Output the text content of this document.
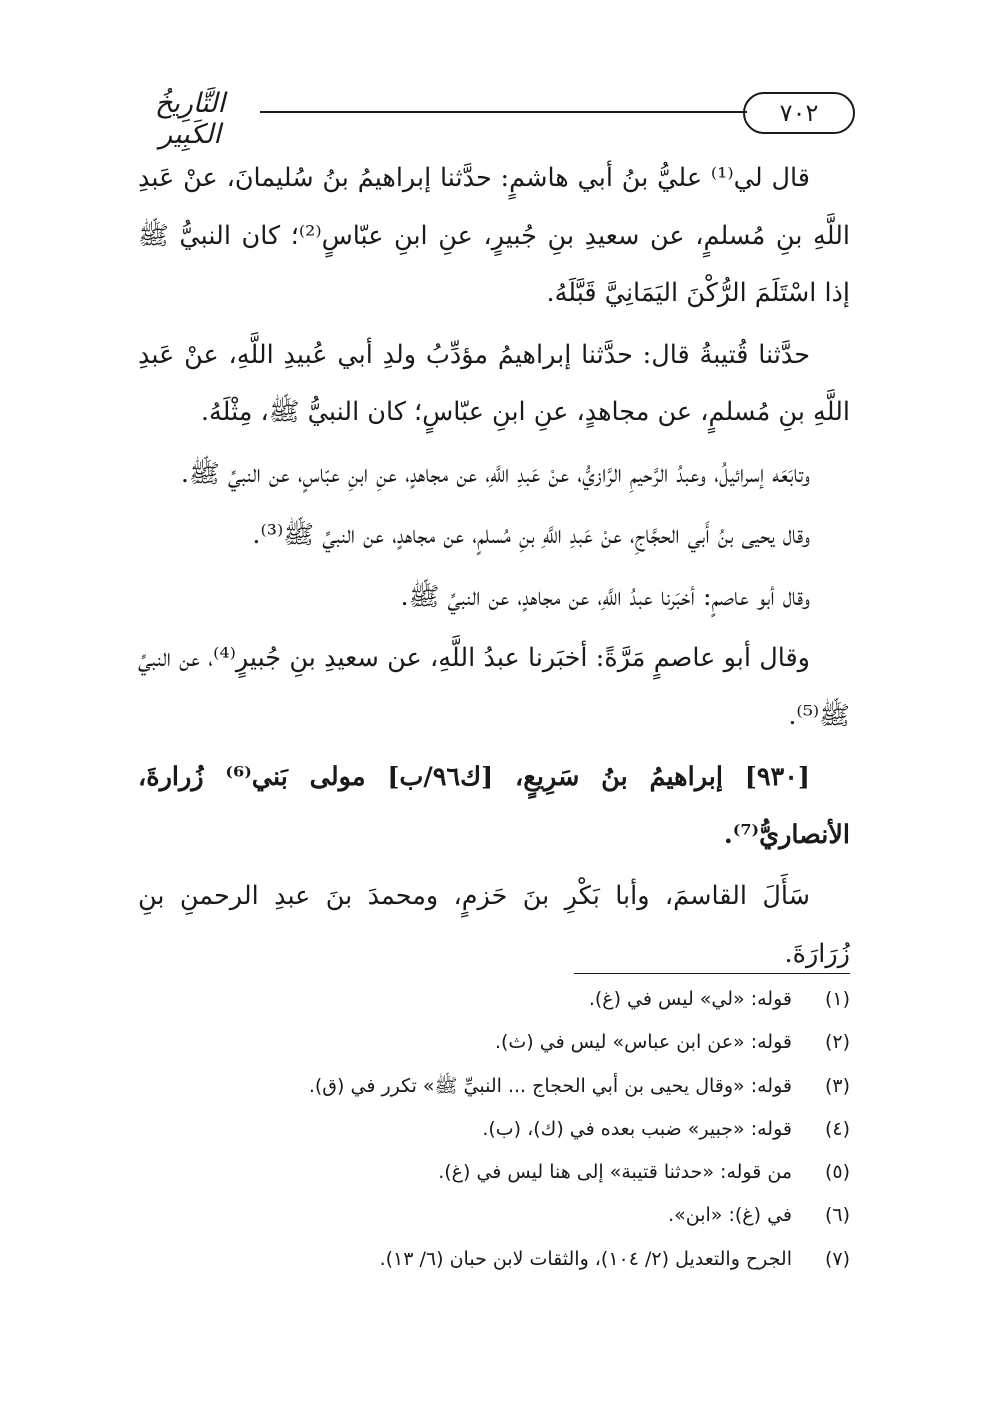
٧٠٢
التَّارِيخُ الكَبِير

قال لي⁽¹⁾ عليُّ بنُ أبي هاشمٍ: حدَّثنا إبراهيمُ بنُ سُليمانَ، عنْ عَبدِ اللَّهِ بنِ مُسلمٍ، عن سعيدِ بنِ جُبيرٍ، عنِ ابنِ عبّاسٍ⁽²⁾؛ كان النبيُّ ﷺ إذا اسْتَلَمَ الرُّكْنَ اليَمَانِيَّ قَبَّلَهُ.

حدَّثنا قُتيبةُ قال: حدَّثنا إبراهيمُ مؤدِّبُ ولدِ أبي عُبيدِ اللَّهِ، عنْ عَبدِ اللَّهِ بنِ مُسلمٍ، عن مجاهدٍ، عنِ ابنِ عبّاسٍ؛ كان النبيُّ ﷺ، مِثْلَهُ.

وتابَعَه إسرائيلُ، وعبدُ الرَّحيمِ الرَّازيُّ، عنْ عَبدِ اللَّهِ، عن مجاهدٍ، عنِ ابنِ عبّاسٍ، عن النبيِّ ﷺ.

وقال يحيى بنُ أَبي الحجَّاجِ، عنْ عَبدِ اللَّهِ بنِ مُسلمٍ، عن مجاهدٍ، عن النبيِّ ﷺ⁽³⁾.

وقال أبو عاصمٍ: أخبَرنا عبدُ اللَّهِ، عن مجاهدٍ، عن النبيِّ ﷺ.

وقال أبو عاصمٍ مَرَّةً: أخبَرنا عبدُ اللَّهِ، عن سعيدِ بنِ جُبيرٍ⁽⁴⁾، عن النبيِّ ﷺ⁽⁵⁾.

[٩٣٠] إبراهيمُ بنُ سَرِيعٍ، [ك٩٦/ب] مولى بَني⁽⁶⁾ زُرارةَ، الأنصاريُّ⁽⁷⁾.

سَأَلَ القاسمَ، وأبا بَكْرِ بنَ حَزمٍ، ومحمدَ بنَ عبدِ الرحمنِ بنِ زُرَارَةَ.

(١)
قوله: «لي» ليس في (غ).
(٢)
قوله: «عن ابن عباس» ليس في (ث).
(٣)
قوله: «وقال يحيى بن أبي الحجاج ... النبيِّ ﷺ» تكرر في (ق).
(٤)
قوله: «جبير» ضبب بعده في (ك)، (ب).
(٥)
من قوله: «حدثنا قتيبة» إلى هنا ليس في (غ).
(٦)
في (غ): «ابن».
(٧)
الجرح والتعديل (٢/ ١٠٤)، والثقات لابن حبان (٦/ ١٣).
